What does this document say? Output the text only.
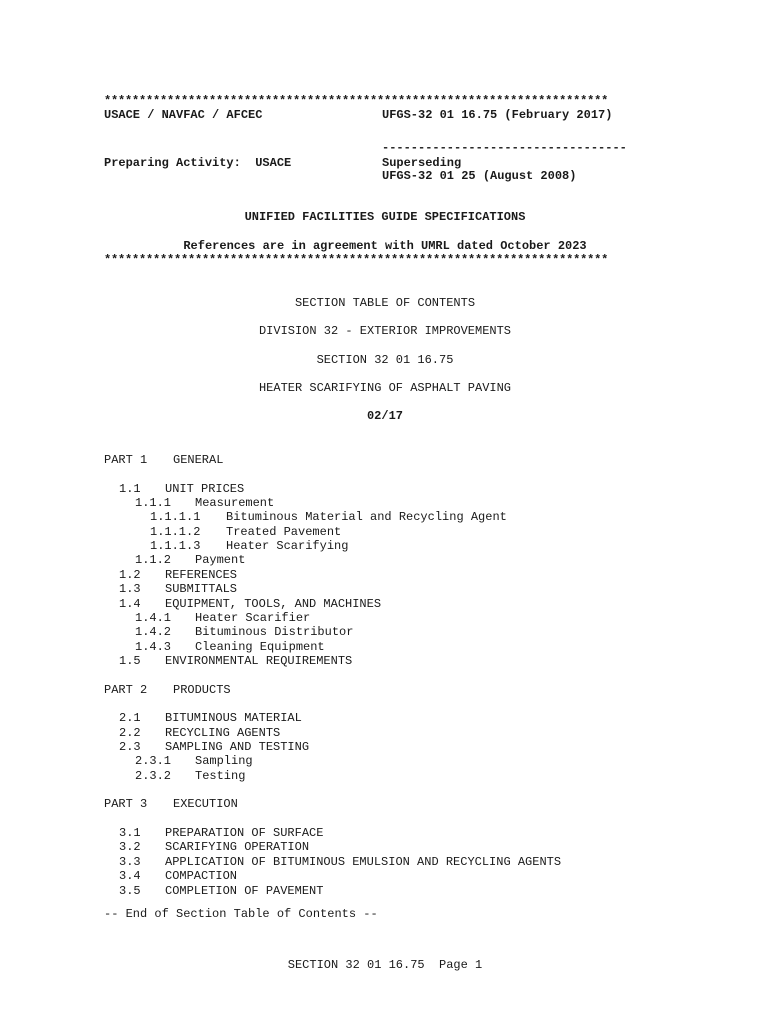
************************************************************************
USACE / NAVFAC / AFCEC	UFGS-32 01 16.75 (February 2017)
----------------------------------
Preparing Activity:  USACE	Superseding
UFGS-32 01 25 (August 2008)
UNIFIED FACILITIES GUIDE SPECIFICATIONS
References are in agreement with UMRL dated October 2023
************************************************************************
SECTION TABLE OF CONTENTS
DIVISION 32 - EXTERIOR IMPROVEMENTS
SECTION 32 01 16.75
HEATER SCARIFYING OF ASPHALT PAVING
02/17
PART 1 GENERAL
1.1 UNIT PRICES
1.1.1 Measurement
1.1.1.1 Bituminous Material and Recycling Agent
1.1.1.2 Treated Pavement
1.1.1.3 Heater Scarifying
1.1.2 Payment
1.2 REFERENCES
1.3 SUBMITTALS
1.4 EQUIPMENT, TOOLS, AND MACHINES
1.4.1 Heater Scarifier
1.4.2 Bituminous Distributor
1.4.3 Cleaning Equipment
1.5 ENVIRONMENTAL REQUIREMENTS
PART 2 PRODUCTS
2.1 BITUMINOUS MATERIAL
2.2 RECYCLING AGENTS
2.3 SAMPLING AND TESTING
2.3.1 Sampling
2.3.2 Testing
PART 3 EXECUTION
3.1 PREPARATION OF SURFACE
3.2 SCARIFYING OPERATION
3.3 APPLICATION OF BITUMINOUS EMULSION AND RECYCLING AGENTS
3.4 COMPACTION
3.5 COMPLETION OF PAVEMENT
-- End of Section Table of Contents --
SECTION 32 01 16.75  Page 1
